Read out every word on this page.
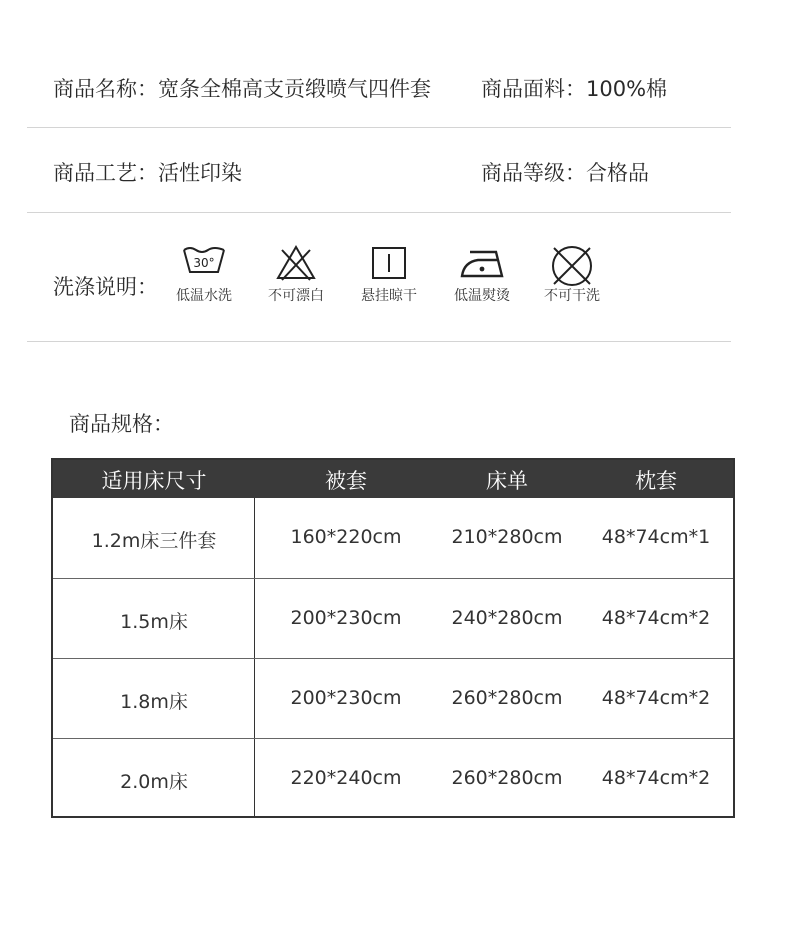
商品名称：宽条全棉高支贡缎喷气四件套 商品面料：100%棉
商品工艺：活性印染	商品等级：合格品
洗涤说明：
30°
低温水洗	不可漂白	悬挂晾干	低温熨烫	不可干洗
商品规格：
适用床尺寸	被套	床单	枕套
1.2m床三件套	160*220cm	210*280cm	48*74cm*1
1.5m床	200*230cm	240*280cm	48*74cm*2
1.8m床	200*230cm	260*280cm	48*74cm*2
2.0m床	220*240cm	260*280cm	48*74cm*2
